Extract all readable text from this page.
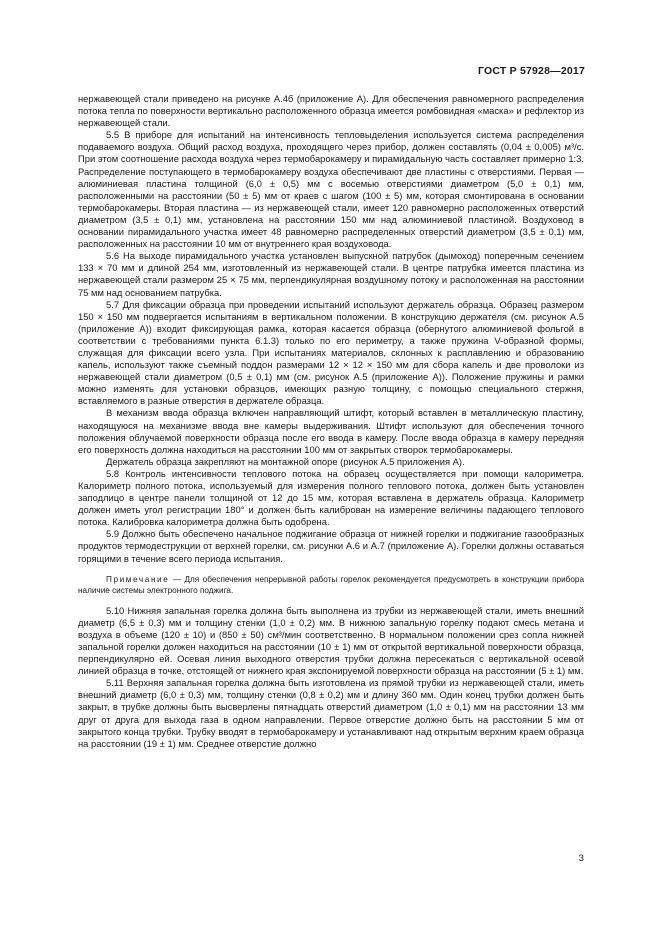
ГОСТ Р 57928—2017

нержавеющей стали приведено на рисунке А.4б (приложение А). Для обеспечения равномерного распределения потока тепла по поверхности вертикально расположенного образца имеется ромбовидная «маска» и рефлектор из нержавеющей стали.

5.5 В приборе для испытаний на интенсивность тепловыделения используется система распределения подаваемого воздуха. Общий расход воздуха, проходящего через прибор, должен составлять (0,04 ± 0,005) м³/с. При этом соотношение расхода воздуха через термобарокамеру и пирамидальную часть составляет примерно 1:3. Распределение поступающего в термобарокамеру воздуха обеспечивают две пластины с отверстиями. Первая — алюминиевая пластина толщиной (6,0 ± 0,5) мм с восемью отверстиями диаметром (5,0 ± 0,1) мм, расположенными на расстоянии (50 ± 5) мм от краев с шагом (100 ± 5) мм, которая смонтирована в основании термобарокамеры. Вторая пластина — из нержавеющей стали, имеет 120 равномерно расположенных отверстий диаметром (3,5 ± 0,1) мм, установлена на расстоянии 150 мм над алюминиевой пластиной. Воздуховод в основании пирамидального участка имеет 48 равномерно распределенных отверстий диаметром (3,5 ± 0,1) мм, расположенных на расстоянии 10 мм от внутреннего края воздуховода.

5.6 На выходе пирамидального участка установлен выпускной патрубок (дымоход) поперечным сечением 133 × 70 мм и длиной 254 мм, изготовленный из нержавеющей стали. В центре патрубка имеется пластина из нержавеющей стали размером 25 × 75 мм, перпендикулярная воздушному потоку и расположенная на расстоянии 75 мм над основанием патрубка.

5.7 Для фиксации образца при проведении испытаний используют держатель образца. Образец размером 150 × 150 мм подвергается испытаниям в вертикальном положении. В конструкцию держателя (см. рисунок А.5 (приложение А)) входит фиксирующая рамка, которая касается образца (обернутого алюминиевой фольгой в соответствии с требованиями пункта 6.1.3) только по его периметру, а также пружина V-образной формы, служащая для фиксации всего узла. При испытаниях материалов, склонных к расплавлению и образованию капель, используют также съемный поддон размерами 12 × 12 × 150 мм для сбора капель и две проволоки из нержавеющей стали диаметром (0,5 ± 0,1) мм (см. рисунок А.5 (приложение А)). Положение пружины и рамки можно изменять для установки образцов, имеющих разную толщину, с помощью специального стержня, вставляемого в разные отверстия в держателе образца.

В механизм ввода образца включен направляющий штифт, который вставлен в металлическую пластину, находящуюся на механизме ввода вне камеры выдерживания. Штифт используют для обеспечения точного положения облучаемой поверхности образца после его ввода в камеру. После ввода образца в камеру передняя его поверхность должна находиться на расстоянии 100 мм от закрытых створок термобарокамеры.

Держатель образца закрепляют на монтажной опоре (рисунок А.5 приложения А).

5.8 Контроль интенсивности теплового потока на образец осуществляется при помощи калориметра. Калориметр полного потока, используемый для измерения полного теплового потока, должен быть установлен заподлицо в центре панели толщиной от 12 до 15 мм, которая вставлена в держатель образца. Калориметр должен иметь угол регистрации 180° и должен быть калиброван на измерение величины падающего теплового потока. Калибровка калориметра должна быть одобрена.

5.9 Должно быть обеспечено начальное поджигание образца от нижней горелки и поджигание газообразных продуктов термодеструкции от верхней горелки, см. рисунки А.6 и А.7 (приложение А). Горелки должны оставаться горящими в течение всего периода испытания.

Примечание — Для обеспечения непрерывной работы горелок рекомендуется предусмотреть в конструкции прибора наличие системы электронного поджига.

5.10 Нижняя запальная горелка должна быть выполнена из трубки из нержавеющей стали, иметь внешний диаметр (6,5 ± 0,3) мм и толщину стенки (1,0 ± 0,2) мм. В нижнюю запальную горелку подают смесь метана и воздуха в объеме (120 ± 10) и (850 ± 50) см³/мин соответственно. В нормальном положении срез сопла нижней запальной горелки должен находиться на расстоянии (10 ± 1) мм от открытой вертикальной поверхности образца, перпендикулярно ей. Осевая линия выходного отверстия трубки должна пересекаться с вертикальной осевой линией образца в точке, отстоящей от нижнего края экспонируемой поверхности образца на расстоянии (5 ± 1) мм.

5.11 Верхняя запальная горелка должна быть изготовлена из прямой трубки из нержавеющей стали, иметь внешний диаметр (6,0 ± 0,3) мм, толщину стенки (0,8 ± 0,2) мм и длину 360 мм. Один конец трубки должен быть закрыт, в трубке должны быть высверлены пятнадцать отверстий диаметром (1,0 ± 0,1) мм на расстоянии 13 мм друг от друга для выхода газа в одном направлении. Первое отверстие должно быть на расстоянии 5 мм от закрытого конца трубки. Трубку вводят в термобарокамеру и устанавливают над открытым верхним краем образца на расстоянии (19 ± 1) мм. Среднее отверстие должно

3
